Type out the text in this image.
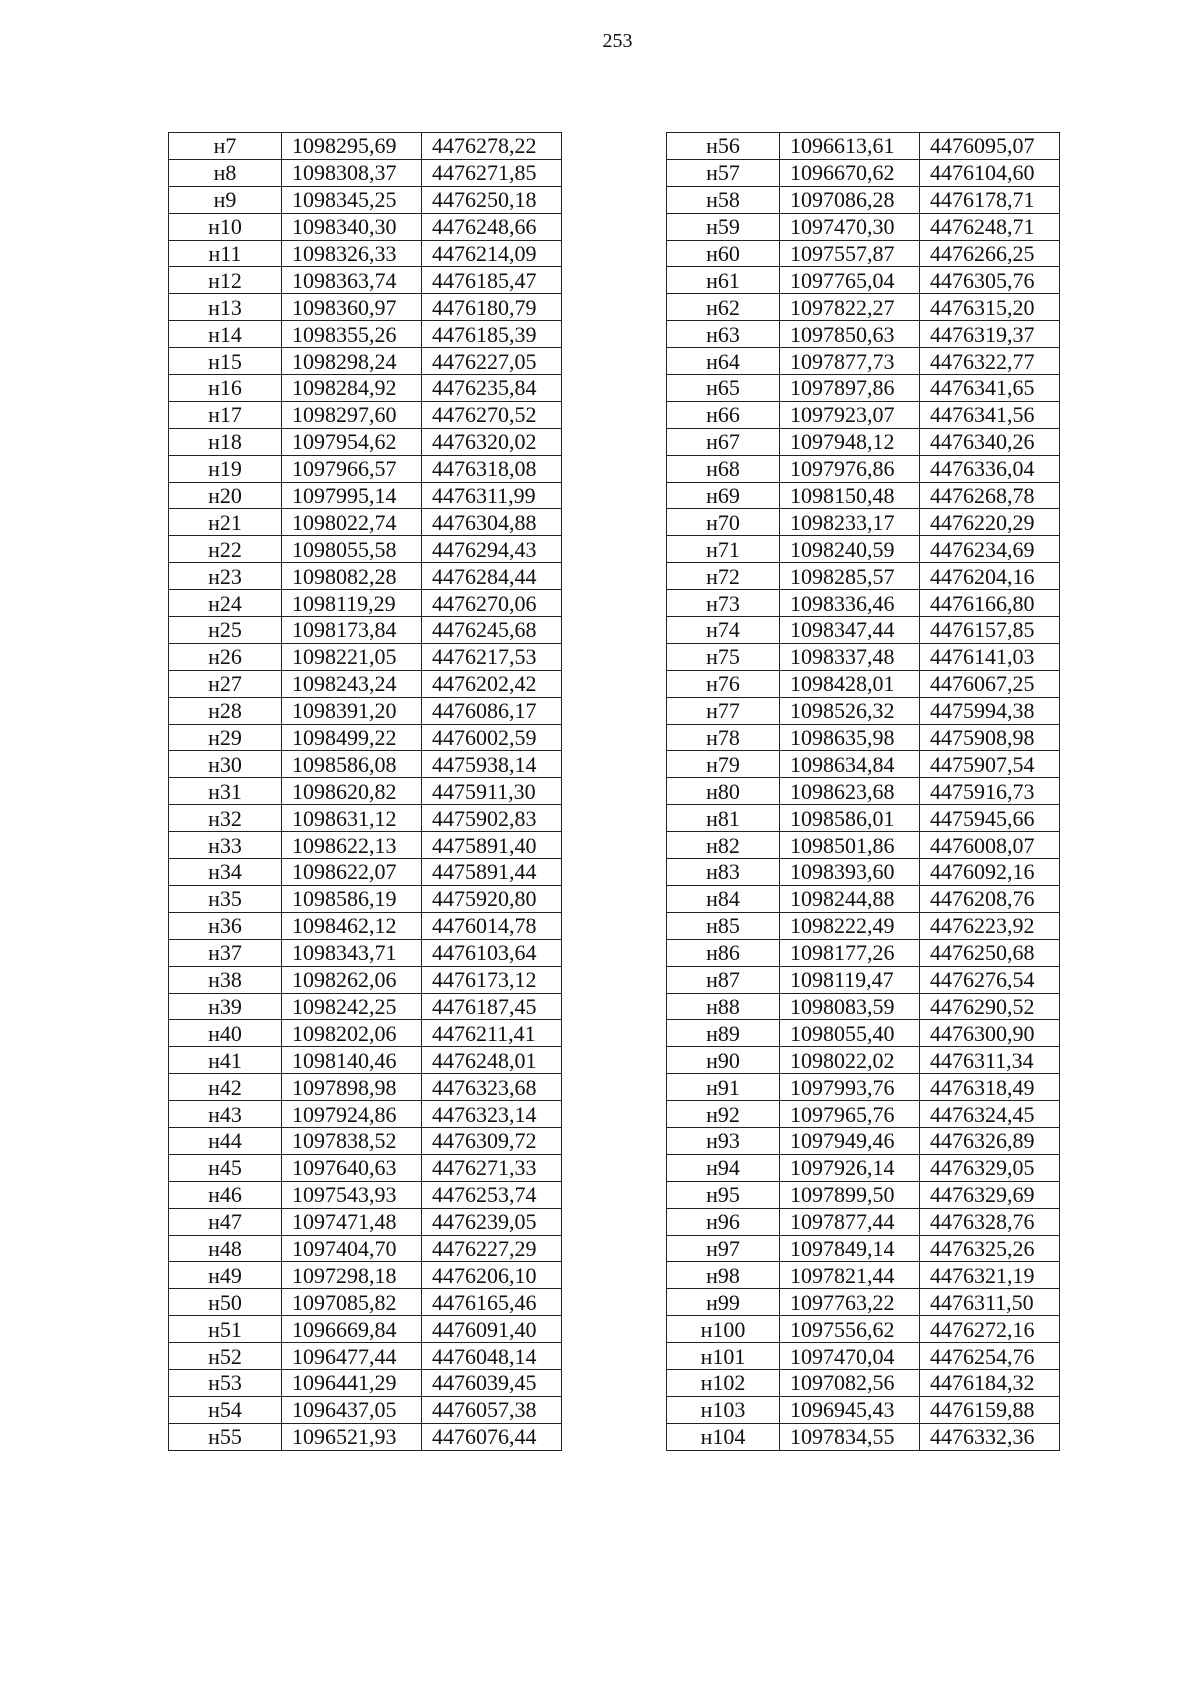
253
н7	1098295,69	4476278,22
н8	1098308,37	4476271,85
н9	1098345,25	4476250,18
н10	1098340,30	4476248,66
н11	1098326,33	4476214,09
н12	1098363,74	4476185,47
н13	1098360,97	4476180,79
н14	1098355,26	4476185,39
н15	1098298,24	4476227,05
н16	1098284,92	4476235,84
н17	1098297,60	4476270,52
н18	1097954,62	4476320,02
н19	1097966,57	4476318,08
н20	1097995,14	4476311,99
н21	1098022,74	4476304,88
н22	1098055,58	4476294,43
н23	1098082,28	4476284,44
н24	1098119,29	4476270,06
н25	1098173,84	4476245,68
н26	1098221,05	4476217,53
н27	1098243,24	4476202,42
н28	1098391,20	4476086,17
н29	1098499,22	4476002,59
н30	1098586,08	4475938,14
н31	1098620,82	4475911,30
н32	1098631,12	4475902,83
н33	1098622,13	4475891,40
н34	1098622,07	4475891,44
н35	1098586,19	4475920,80
н36	1098462,12	4476014,78
н37	1098343,71	4476103,64
н38	1098262,06	4476173,12
н39	1098242,25	4476187,45
н40	1098202,06	4476211,41
н41	1098140,46	4476248,01
н42	1097898,98	4476323,68
н43	1097924,86	4476323,14
н44	1097838,52	4476309,72
н45	1097640,63	4476271,33
н46	1097543,93	4476253,74
н47	1097471,48	4476239,05
н48	1097404,70	4476227,29
н49	1097298,18	4476206,10
н50	1097085,82	4476165,46
н51	1096669,84	4476091,40
н52	1096477,44	4476048,14
н53	1096441,29	4476039,45
н54	1096437,05	4476057,38
н55	1096521,93	4476076,44
н56	1096613,61	4476095,07
н57	1096670,62	4476104,60
н58	1097086,28	4476178,71
н59	1097470,30	4476248,71
н60	1097557,87	4476266,25
н61	1097765,04	4476305,76
н62	1097822,27	4476315,20
н63	1097850,63	4476319,37
н64	1097877,73	4476322,77
н65	1097897,86	4476341,65
н66	1097923,07	4476341,56
н67	1097948,12	4476340,26
н68	1097976,86	4476336,04
н69	1098150,48	4476268,78
н70	1098233,17	4476220,29
н71	1098240,59	4476234,69
н72	1098285,57	4476204,16
н73	1098336,46	4476166,80
н74	1098347,44	4476157,85
н75	1098337,48	4476141,03
н76	1098428,01	4476067,25
н77	1098526,32	4475994,38
н78	1098635,98	4475908,98
н79	1098634,84	4475907,54
н80	1098623,68	4475916,73
н81	1098586,01	4475945,66
н82	1098501,86	4476008,07
н83	1098393,60	4476092,16
н84	1098244,88	4476208,76
н85	1098222,49	4476223,92
н86	1098177,26	4476250,68
н87	1098119,47	4476276,54
н88	1098083,59	4476290,52
н89	1098055,40	4476300,90
н90	1098022,02	4476311,34
н91	1097993,76	4476318,49
н92	1097965,76	4476324,45
н93	1097949,46	4476326,89
н94	1097926,14	4476329,05
н95	1097899,50	4476329,69
н96	1097877,44	4476328,76
н97	1097849,14	4476325,26
н98	1097821,44	4476321,19
н99	1097763,22	4476311,50
н100	1097556,62	4476272,16
н101	1097470,04	4476254,76
н102	1097082,56	4476184,32
н103	1096945,43	4476159,88
н104	1097834,55	4476332,36
